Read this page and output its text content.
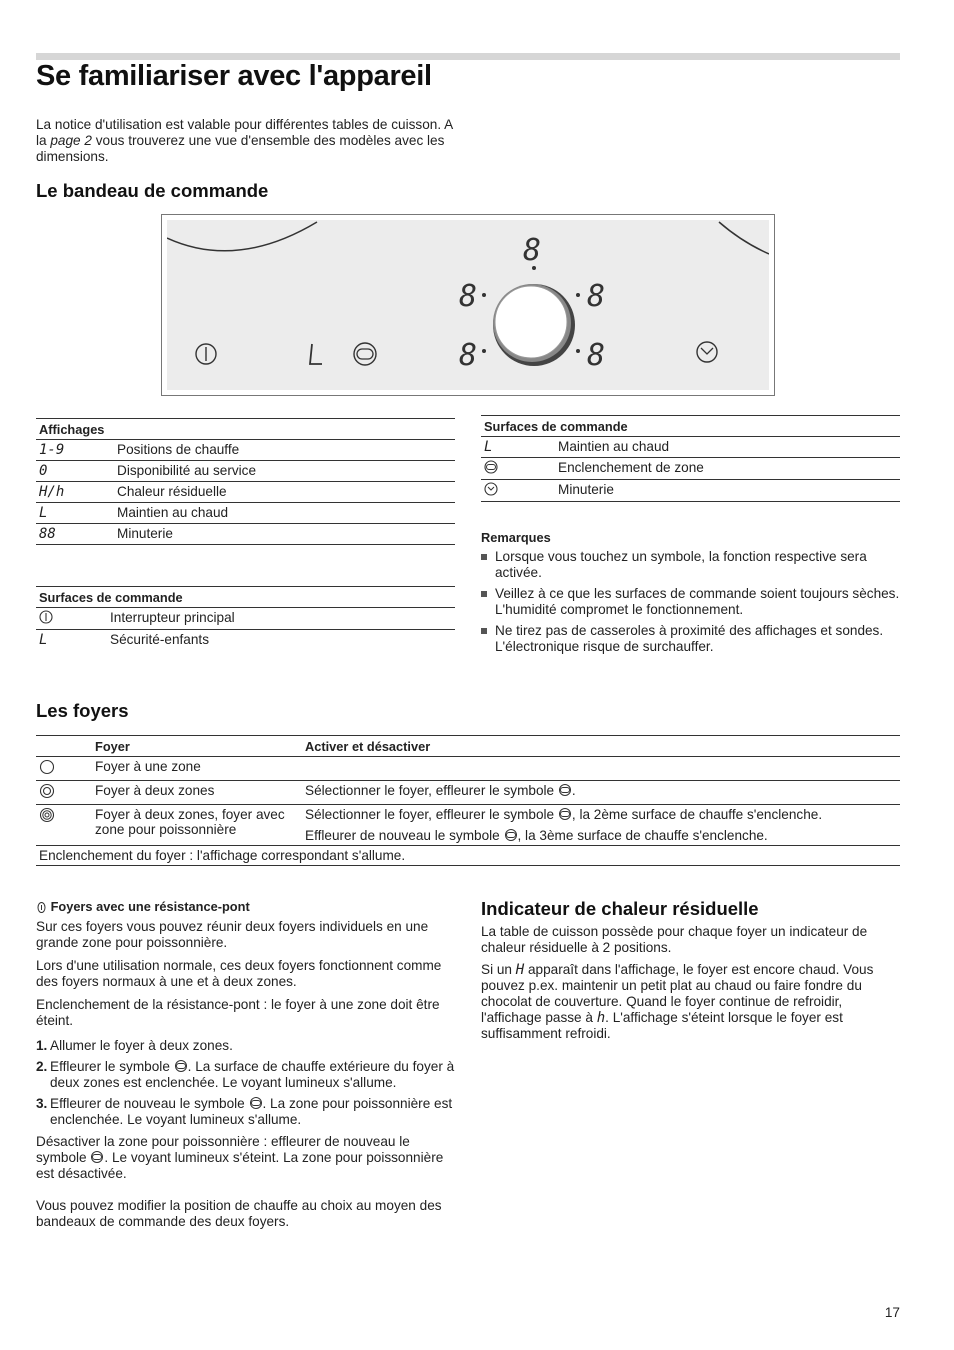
Se familiariser avec l'appareil

La notice d'utilisation est valable pour différentes tables de cuisson. A la page 2 vous trouverez une vue d'ensemble des modèles avec les dimensions.

Le bandeau de commande
8
8	8
8	8
Affichages	
1-9	Positions de chauffe
0	Disponibilité au service
H/h	Chaleur résiduelle
L	Maintien au chaud
88	Minuterie
Surfaces de commande	
	Interrupteur principal
L	Sécurité-enfants
Surfaces de commande	
L	Maintien au chaud
	Enclenchement de zone
	Minuterie
Remarques
Lorsque vous touchez un symbole, la fonction respective sera activée.
Veillez à ce que les surfaces de commande soient toujours sèches. L'humidité compromet le fonctionnement.
Ne tirez pas de casseroles à proximité des affichages et sondes. L'électronique risque de surchauffer.
Les foyers
	Foyer	Activer et désactiver
	Foyer à une zone	
	Foyer à deux zones	Sélectionner le foyer, effleurer le symbole .
	Foyer à deux zones, foyer avec zone pour poissonnière	Sélectionner le foyer, effleurer le symbole , la 2ème surface de chauffe s'enclenche.
Effleurer de nouveau le symbole , la 3ème surface de chauffe s'enclenche.

Enclenchement du foyer : l'affichage correspondant s'allume.		
Foyers avec une résistance-pont

Sur ces foyers vous pouvez réunir deux foyers individuels en une grande zone pour poissonnière.

Lors d'une utilisation normale, ces deux foyers fonctionnent comme des foyers normaux à une et à deux zones.

Enclenchement de la résistance-pont : le foyer à une zone doit être éteint.

1. Allumer le foyer à deux zones.
2. Effleurer le symbole . La surface de chauffe extérieure du foyer à deux zones est enclenchée. Le voyant lumineux s'allume.
3. Effleurer de nouveau le symbole . La zone pour poissonnière est enclenchée. Le voyant lumineux s'allume.

Désactiver la zone pour poissonnière : effleurer de nouveau le symbole . Le voyant lumineux s'éteint. La zone pour poissonnière est désactivée.

Vous pouvez modifier la position de chauffe au choix au moyen des bandeaux de commande des deux foyers.

Indicateur de chaleur résiduelle

La table de cuisson possède pour chaque foyer un indicateur de chaleur résiduelle à 2 positions.

Si un H apparaît dans l'affichage, le foyer est encore chaud. Vous pouvez p.ex. maintenir un petit plat au chaud ou faire fondre du chocolat de couverture. Quand le foyer continue de refroidir, l'affichage passe à h. L'affichage s'éteint lorsque le foyer est suffisamment refroidi.

17
